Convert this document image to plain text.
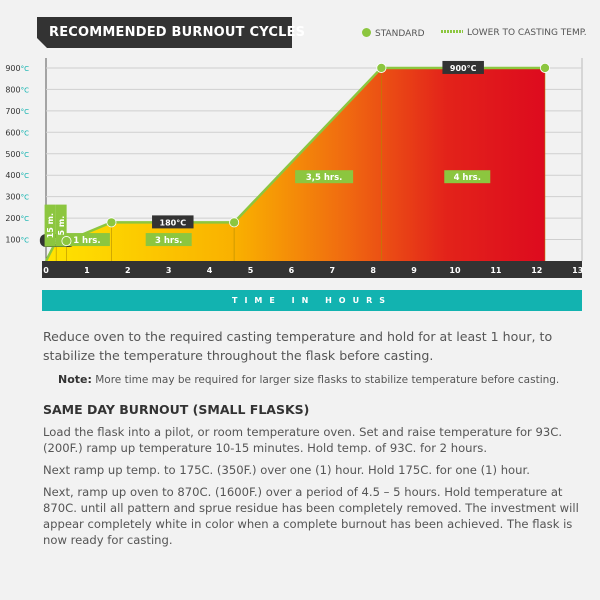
RECOMMENDED BURNOUT CYCLES	STANDARD	LOWER TO CASTING TEMP.
100°C
200°C
300°C
400°C
500°C
600°C
700°C
800°C
900°C
0	1	2	3	4	5	6	7	8	9	10	11	12	13
180°C
900°C
1 hrs.	3 hrs.
3,5 hrs.	4 hrs.
15 m. 5 m.
TIME IN HOURS
Reduce oven to the required casting temperature and hold for at least 1 hour, to stabilize the temperature throughout the flask before casting.
Note: More time may be required for larger size flasks to stabilize temperature before casting.
SAME DAY BURNOUT (SMALL FLASKS)
Load the flask into a pilot, or room temperature oven. Set and raise temperature for 93C. (200F.) ramp up temperature 10-15 minutes. Hold temp. of 93C. for 2 hours.
Next ramp up temp. to 175C. (350F.) over one (1) hour. Hold 175C. for one (1) hour.
Next, ramp up oven to 870C. (1600F.) over a period of 4.5 – 5 hours. Hold temperature at 870C. until all pattern and sprue residue has been completely removed. The investment will appear completely white in color when a complete burnout has been achieved. The flask is now ready for casting.
